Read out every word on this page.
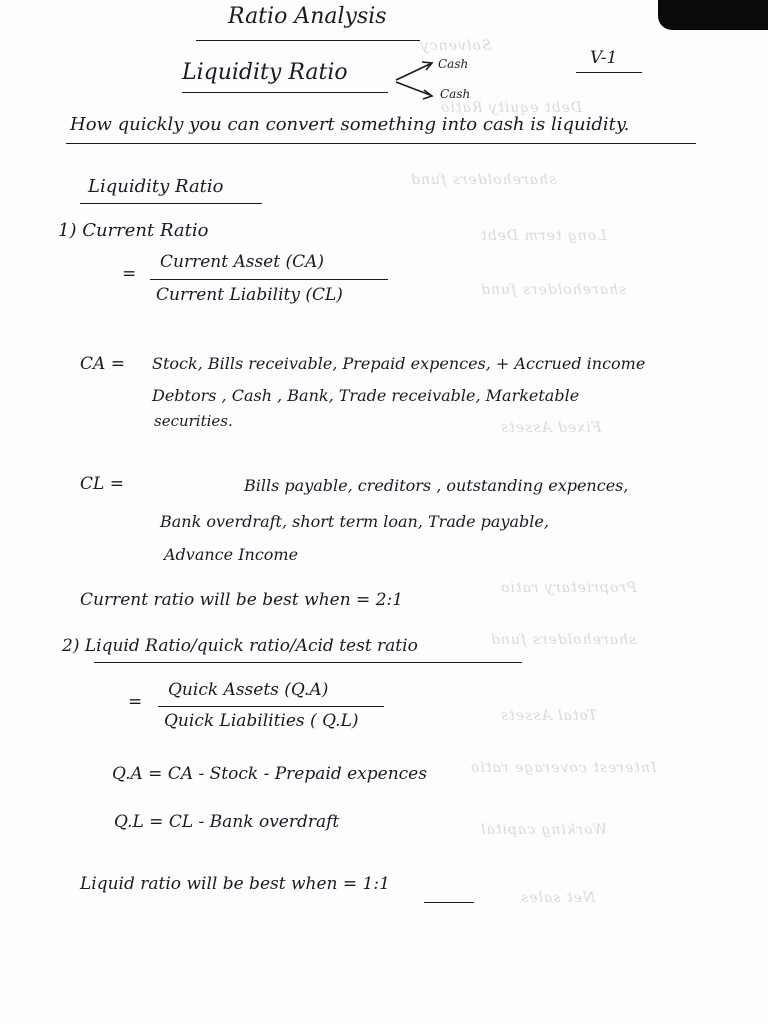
Solvency
Debt equity Ratio
shareholders fund
Long term Debt
shareholders fund
Fixed Assets
Proprietary ratio
shareholders fund
Total Assets
Interest coverage ratio
Working capital
Net sales
Ratio Analysis
V-1
Liquidity Ratio	Cash
Cash
How quickly you can convert something into cash is liquidity.
Liquidity Ratio
1) Current Ratio
=
Current Asset (CA)
Current Liability (CL)
CA = Stock, Bills receivable, Prepaid expences, + Accrued income
Debtors , Cash , Bank, Trade receivable, Marketable
securities.
CL =	Bills payable, creditors , outstanding expences,
Bank overdraft, short term loan, Trade payable,
Advance Income
Current ratio will be best when = 2:1
2) Liquid Ratio/quick ratio/Acid test ratio
=
Quick Assets (Q.A)
Quick Liabilities ( Q.L)
Q.A = CA - Stock - Prepaid expences
Q.L = CL - Bank overdraft
Liquid ratio will be best when = 1:1
